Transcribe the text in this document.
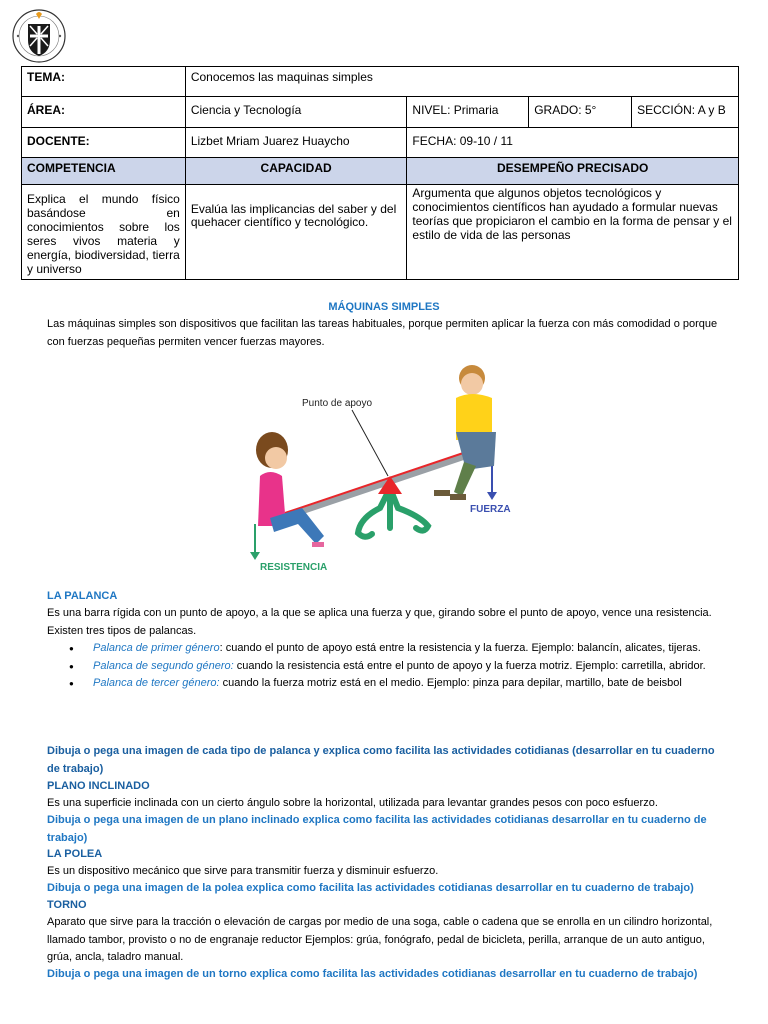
TEMA:	Conocemos las maquinas simples			
ÁREA:	Ciencia y Tecnología	NIVEL: Primaria	GRADO: 5°	SECCIÓN: A y B
DOCENTE:	Lizbet Mriam Juarez Huaycho	FECHA: 09-10 / 11		
COMPETENCIA	CAPACIDAD	DESEMPEÑO PRECISADO		
Explica el mundo físico basándose en conocimientos sobre los seres vivos materia y energía, biodiversidad, tierra y universo	Evalúa las implicancias del saber y del quehacer científico y tecnológico.	Argumenta que algunos objetos tecnológicos y conocimientos científicos han ayudado a formular nuevas teorías que propiciaron el cambio en la forma de pensar y el estilo de vida de las personas		
MÁQUINAS SIMPLES
Las máquinas simples son dispositivos que facilitan las tareas habituales, porque permiten aplicar la fuerza con más comodidad o porque con fuerzas pequeñas permiten vencer fuerzas mayores.
Punto de apoyo
FUERZA
RESISTENCIA
LA PALANCA
Es una barra rígida con un punto de apoyo, a la que se aplica una fuerza y que, girando sobre el punto de apoyo, vence una resistencia. Existen tres tipos de palancas.
● Palanca de primer género: cuando el punto de apoyo está entre la resistencia y la fuerza. Ejemplo: balancín, alicates, tijeras.
● Palanca de segundo género: cuando la resistencia está entre el punto de apoyo y la fuerza motriz. Ejemplo: carretilla, abridor.
● Palanca de tercer género: cuando la fuerza motriz está en el medio. Ejemplo: pinza para depilar, martillo, bate de beisbol
Dibuja o pega una imagen de cada tipo de palanca y explica como facilita las actividades cotidianas (desarrollar en tu cuaderno de trabajo)
PLANO INCLINADO
Es una superficie inclinada con un cierto ángulo sobre la horizontal, utilizada para levantar grandes pesos con poco esfuerzo.
Dibuja o pega una imagen de un plano inclinado explica como facilita las actividades cotidianas desarrollar en tu cuaderno de trabajo)
LA POLEA
Es un dispositivo mecánico que sirve para transmitir fuerza y disminuir esfuerzo.
Dibuja o pega una imagen de la polea explica como facilita las actividades cotidianas desarrollar en tu cuaderno de trabajo)
TORNO
Aparato que sirve para la tracción o elevación de cargas por medio de una soga, cable o cadena que se enrolla en un cilindro horizontal, llamado tambor, provisto o no de engranaje reductor Ejemplos: grúa, fonógrafo, pedal de bicicleta, perilla, arranque de un auto antiguo, grúa, ancla, taladro manual.
Dibuja o pega una imagen de un torno explica como facilita las actividades cotidianas desarrollar en tu cuaderno de trabajo)
